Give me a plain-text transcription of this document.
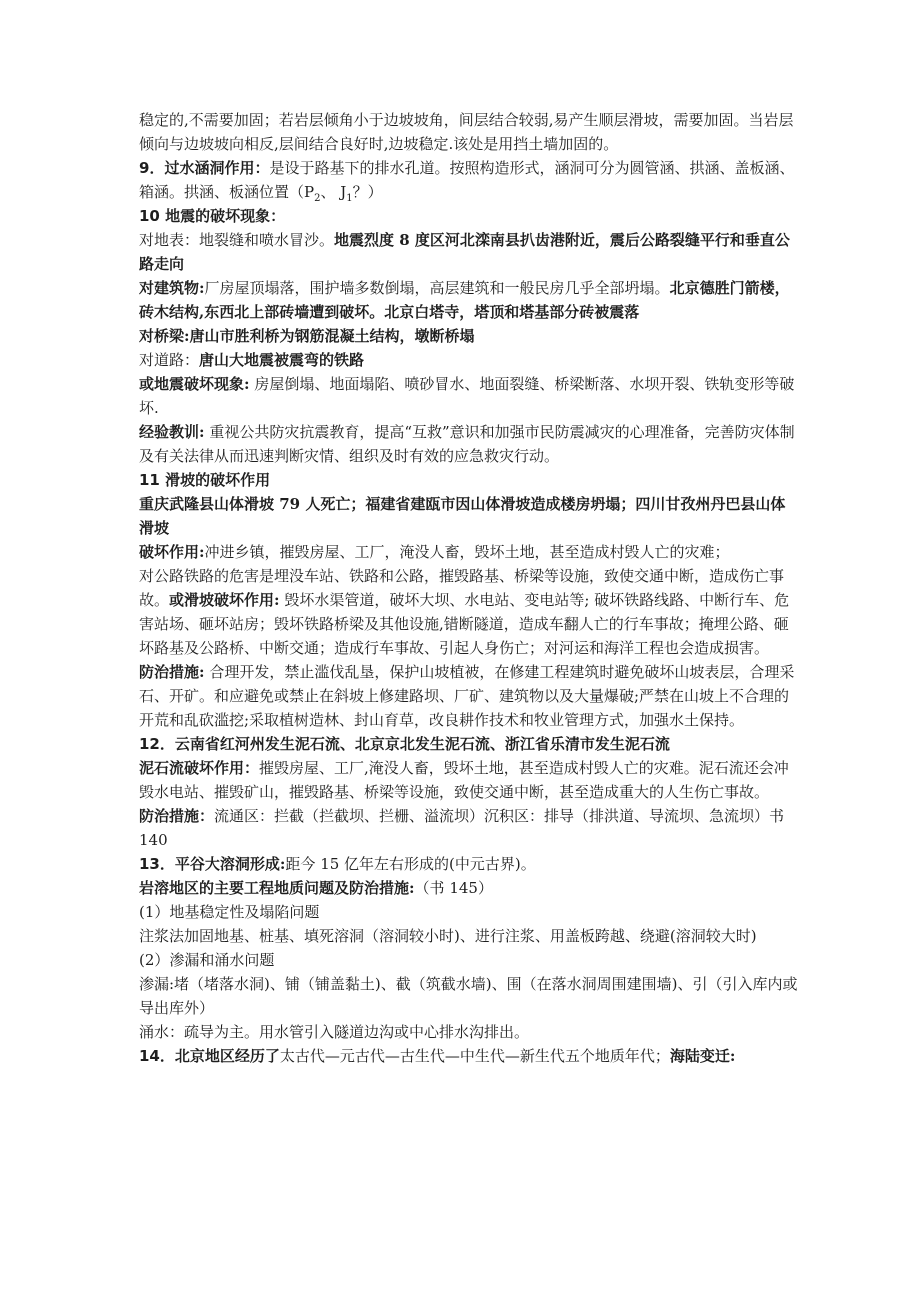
稳定的,不需要加固；若岩层倾角小于边坡坡角，间层结合较弱,易产生顺层滑坡，需要加固。当岩层倾向与边坡坡向相反,层间结合良好时,边坡稳定.该处是用挡土墙加固的。

9．过水涵洞作用：是设于路基下的排水孔道。按照构造形式，涵洞可分为圆管涵、拱涵、盖板涵、箱涵。拱涵、板涵位置（$P_2$、 $J_1$？）

10 地震的破坏现象：

对地表：地裂缝和喷水冒沙。地震烈度 8 度区河北滦南县扒齿港附近，震后公路裂缝平行和垂直公路走向

对建筑物:厂房屋顶塌落，围护墙多数倒塌，高层建筑和一般民房几乎全部坍塌。北京德胜门箭楼，砖木结构,东西北上部砖墙遭到破坏。北京白塔寺，塔顶和塔基部分砖被震落

对桥梁:唐山市胜利桥为钢筋混凝土结构，墩断桥塌

对道路：唐山大地震被震弯的铁路

或地震破坏现象: 房屋倒塌、地面塌陷、喷砂冒水、地面裂缝、桥梁断落、水坝开裂、铁轨变形等破坏.

经验教训: 重视公共防灾抗震教育，提高“互救”意识和加强市民防震减灾的心理准备，完善防灾体制及有关法律从而迅速判断灾情、组织及时有效的应急救灾行动。

11 滑坡的破坏作用

重庆武隆县山体滑坡 79 人死亡；福建省建瓯市因山体滑坡造成楼房坍塌；四川甘孜州丹巴县山体滑坡

破坏作用:冲进乡镇，摧毁房屋、工厂，淹没人畜，毁坏土地，甚至造成村毁人亡的灾难；

对公路铁路的危害是埋没车站、铁路和公路，摧毁路基、桥梁等设施，致使交通中断，造成伤亡事故。或滑坡破坏作用: 毁坏水渠管道，破坏大坝、水电站、变电站等; 破坏铁路线路、中断行车、危害站场、砸坏站房；毁坏铁路桥梁及其他设施,错断隧道，造成车翻人亡的行车事故；掩埋公路、砸坏路基及公路桥、中断交通；造成行车事故、引起人身伤亡；对河运和海洋工程也会造成损害。

防治措施: 合理开发，禁止滥伐乱垦，保护山坡植被，在修建工程建筑时避免破坏山坡表层，合理采石、开矿。和应避免或禁止在斜坡上修建路坝、厂矿、建筑物以及大量爆破;严禁在山坡上不合理的开荒和乱砍滥挖;采取植树造林、封山育草，改良耕作技术和牧业管理方式，加强水土保持。

12．云南省红河州发生泥石流、北京京北发生泥石流、浙江省乐清市发生泥石流

泥石流破坏作用：摧毁房屋、工厂,淹没人畜，毁坏土地，甚至造成村毁人亡的灾难。泥石流还会冲毁水电站、摧毁矿山，摧毁路基、桥梁等设施，致使交通中断，甚至造成重大的人生伤亡事故。

防治措施：流通区：拦截（拦截坝、拦栅、溢流坝）沉积区：排导（排洪道、导流坝、急流坝）书 140

13．平谷大溶洞形成:距今 15 亿年左右形成的(中元古界)。

岩溶地区的主要工程地质问题及防治措施:（书 145）

(1）地基稳定性及塌陷问题

注浆法加固地基、桩基、填死溶洞（溶洞较小时)、进行注浆、用盖板跨越、绕避(溶洞较大时)

(2）渗漏和涌水问题

渗漏:堵（堵落水洞)、铺（铺盖黏土)、截（筑截水墙)、围（在落水洞周围建围墙)、引（引入库内或导出库外）

涌水：疏导为主。用水管引入隧道边沟或中心排水沟排出。

14．北京地区经历了太古代—元古代—古生代—中生代—新生代五个地质年代；海陆变迁:
